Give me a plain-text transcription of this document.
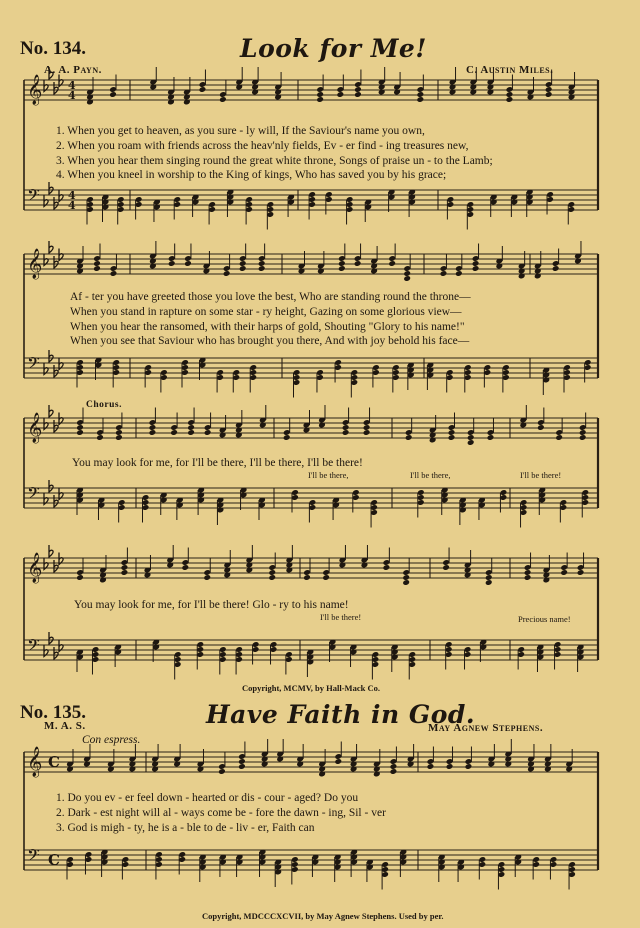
𝄞 4
4
𝄢	4
4
𝄞
𝄢
𝄞
𝄢
𝄞
𝄢
𝄞 C
𝄢 C
No. 134.	Look for Me!
A. A. Payn.	C. Austin Miles.
1. When you get to heaven, as you sure - ly will, If the Saviour's name you own,
2. When you roam with friends across the heav'nly fields, Ev - er find - ing treasures new,
3. When you hear them singing round the great white throne, Songs of praise un - to the Lamb;
4. When you kneel in worship to the King of kings, Who has saved you by his grace;
Af - ter you have greeted those you love the best, Who are standing round the throne—
When you stand in rapture on some star - ry height, Gazing on some glorious view—
When you hear the ransomed, with their harps of gold, Shouting "Glory to his name!"
When you see that Saviour who has brought you there, And with joy behold his face—
Chorus.
You may look for me, for I'll be there, I'll be there, I'll be there!
I'll be there,	I'll be there,	I'll be there!
You may look for me, for I'll be there! Glo - ry to his name!
I'll be there!	Precious name!
Copyright, MCMV, by Hall-Mack Co.
No. 135.	Have Faith in God.
M. A. S.	May Agnew Stephens.
Con espress.
1. Do you ev - er feel down - hearted or dis - cour - aged? Do you
2. Dark - est night will al - ways come be - fore the dawn - ing, Sil - ver
3. God is migh - ty, he is a - ble to de - liv - er, Faith can
Copyright, MDCCCXCVII, by May Agnew Stephens. Used by per.
